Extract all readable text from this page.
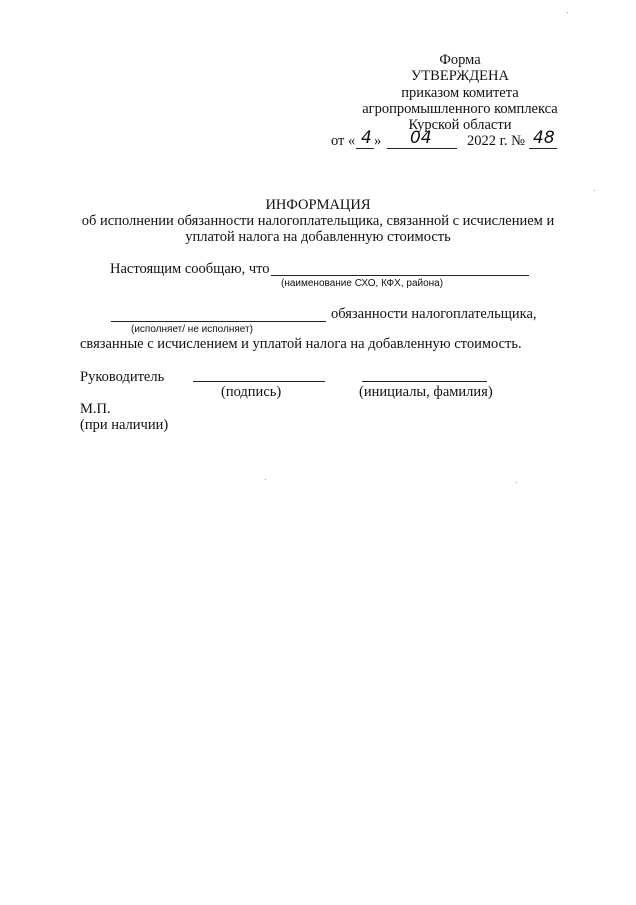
Форма
УТВЕРЖДЕНА
приказом комитета
агропромышленного комплекса
Курской области
от « 4 » 04 2022 г. № 48
ИНФОРМАЦИЯ
об исполнении обязанности налогоплательщика, связанной с исчислением и
уплатой налога на добавленную стоимость
Настоящим сообщаю, что
(наименование СХО, КФХ, района)
обязанности налогоплательщика,
(исполняет/ не исполняет)
связанные с исчислением и уплатой налога на добавленную стоимость.
Руководитель
(подпись)	(инициалы, фамилия)
М.П.
(при наличии)
